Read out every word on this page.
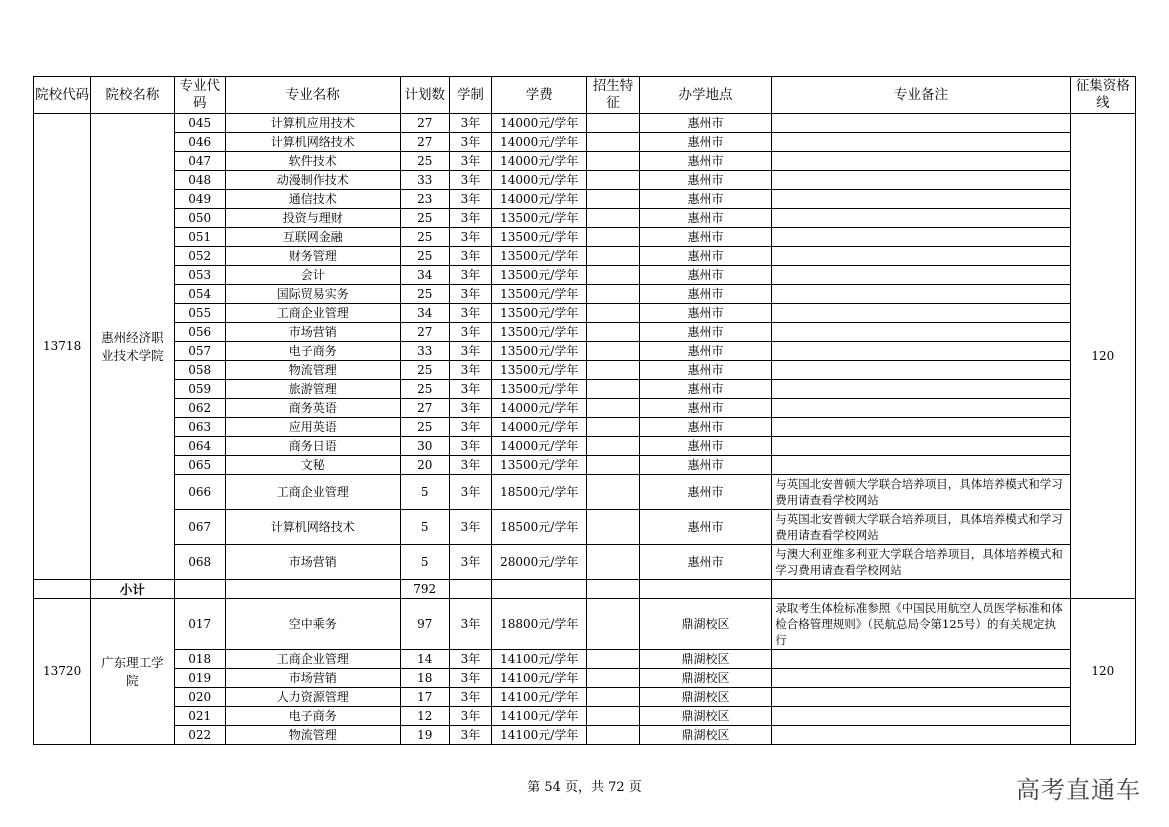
院校代码	院校名称	专业代码	专业名称	计划数	学制	学费	招生特征	办学地点	专业备注	征集资格线
13718	惠州经济职业技术学院	045	计算机应用技术	27	3年	14000元/学年		惠州市		120
		046	计算机网络技术	27	3年	14000元/学年		惠州市		
		047	软件技术	25	3年	14000元/学年		惠州市		
		048	动漫制作技术	33	3年	14000元/学年		惠州市		
		049	通信技术	23	3年	14000元/学年		惠州市		
		050	投资与理财	25	3年	13500元/学年		惠州市		
		051	互联网金融	25	3年	13500元/学年		惠州市		
		052	财务管理	25	3年	13500元/学年		惠州市		
		053	会计	34	3年	13500元/学年		惠州市		
		054	国际贸易实务	25	3年	13500元/学年		惠州市		
		055	工商企业管理	34	3年	13500元/学年		惠州市		
		056	市场营销	27	3年	13500元/学年		惠州市		
		057	电子商务	33	3年	13500元/学年		惠州市		
		058	物流管理	25	3年	13500元/学年		惠州市		
		059	旅游管理	25	3年	13500元/学年		惠州市		
		062	商务英语	27	3年	14000元/学年		惠州市		
		063	应用英语	25	3年	14000元/学年		惠州市		
		064	商务日语	30	3年	14000元/学年		惠州市		
		065	文秘	20	3年	13500元/学年		惠州市		
		066	工商企业管理	5	3年	18500元/学年		惠州市	与英国北安普顿大学联合培养项目，具体培养模式和学习费用请查看学校网站	
		067	计算机网络技术	5	3年	18500元/学年		惠州市	与英国北安普顿大学联合培养项目，具体培养模式和学习费用请查看学校网站	
		068	市场营销	5	3年	28000元/学年		惠州市	与澳大利亚维多利亚大学联合培养项目，具体培养模式和学习费用请查看学校网站	
	小计			792						
13720	广东理工学院	017	空中乘务	97	3年	18800元/学年		鼎湖校区	录取考生体检标准参照《中国民用航空人员医学标准和体检合格管理规则》（民航总局令第125号）的有关规定执行	120
		018	工商企业管理	14	3年	14100元/学年		鼎湖校区		
		019	市场营销	18	3年	14100元/学年		鼎湖校区		
		020	人力资源管理	17	3年	14100元/学年		鼎湖校区		
		021	电子商务	12	3年	14100元/学年		鼎湖校区		
		022	物流管理	19	3年	14100元/学年		鼎湖校区		
第 54 页，共 72 页	高考直通车
